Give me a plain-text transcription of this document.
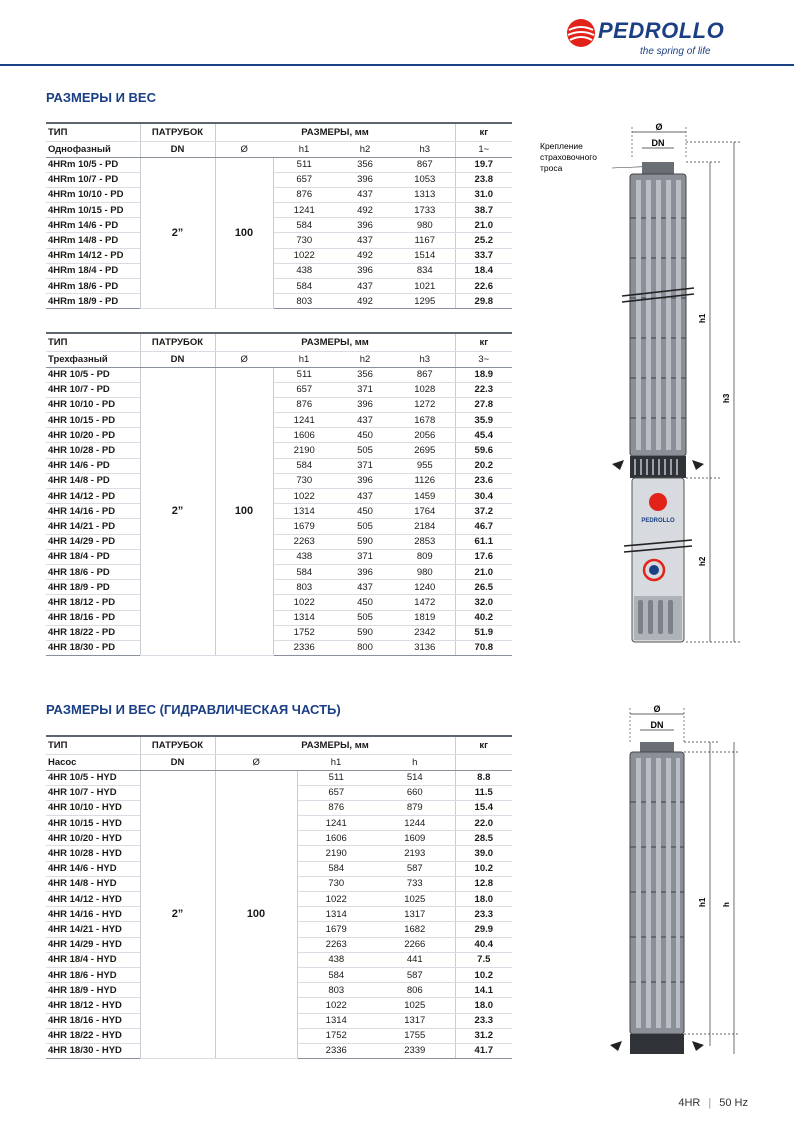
PEDROLLO
the spring of life
РАЗМЕРЫ И ВЕС
ТИП	ПАТРУБОК	РАЗМЕРЫ, мм				кг
Однофазный	DN	Ø	h1	h2	h3	1~
4HRm 10/5 - PD	2”	100	511	356	867	19.7
4HRm 10/7 - PD			657	396	1053	23.8
4HRm 10/10 - PD			876	437	1313	31.0
4HRm 10/15 - PD			1241	492	1733	38.7
4HRm 14/6 - PD			584	396	980	21.0
4HRm 14/8 - PD			730	437	1167	25.2
4HRm 14/12 - PD			1022	492	1514	33.7
4HRm 18/4 - PD			438	396	834	18.4
4HRm 18/6 - PD			584	437	1021	22.6
4HRm 18/9 - PD			803	492	1295	29.8
ТИП	ПАТРУБОК	РАЗМЕРЫ, мм				кг
Трехфазный	DN	Ø	h1	h2	h3	3~
4HR 10/5 - PD	2”	100	511	356	867	18.9
4HR 10/7 - PD			657	371	1028	22.3
4HR 10/10 - PD			876	396	1272	27.8
4HR 10/15 - PD			1241	437	1678	35.9
4HR 10/20 - PD			1606	450	2056	45.4
4HR 10/28 - PD			2190	505	2695	59.6
4HR 14/6 - PD			584	371	955	20.2
4HR 14/8 - PD			730	396	1126	23.6
4HR 14/12 - PD			1022	437	1459	30.4
4HR 14/16 - PD			1314	450	1764	37.2
4HR 14/21 - PD			1679	505	2184	46.7
4HR 14/29 - PD			2263	590	2853	61.1
4HR 18/4 - PD			438	371	809	17.6
4HR 18/6 - PD			584	396	980	21.0
4HR 18/9 - PD			803	437	1240	26.5
4HR 18/12 - PD			1022	450	1472	32.0
4HR 18/16 - PD			1314	505	1819	40.2
4HR 18/22 - PD			1752	590	2342	51.9
4HR 18/30 - PD			2336	800	3136	70.8
Ø
DN
Крепление
страховочного
троса
PEDROLLO
h1
h2
h3
РАЗМЕРЫ И ВЕС (ГИДРАВЛИЧЕСКАЯ ЧАСТЬ)
ТИП	ПАТРУБОК	РАЗМЕРЫ, мм			кг
Насос	DN	Ø	h1	h	
4HR 10/5 - HYD	2”	100	511	514	8.8
4HR 10/7 - HYD			657	660	11.5
4HR 10/10 - HYD			876	879	15.4
4HR 10/15 - HYD			1241	1244	22.0
4HR 10/20 - HYD			1606	1609	28.5
4HR 10/28 - HYD			2190	2193	39.0
4HR 14/6 - HYD			584	587	10.2
4HR 14/8 - HYD			730	733	12.8
4HR 14/12 - HYD			1022	1025	18.0
4HR 14/16 - HYD			1314	1317	23.3
4HR 14/21 - HYD			1679	1682	29.9
4HR 14/29 - HYD			2263	2266	40.4
4HR 18/4 - HYD			438	441	7.5
4HR 18/6 - HYD			584	587	10.2
4HR 18/9 - HYD			803	806	14.1
4HR 18/12 - HYD			1022	1025	18.0
4HR 18/16 - HYD			1314	1317	23.3
4HR 18/22 - HYD			1752	1755	31.2
4HR 18/30 - HYD			2336	2339	41.7
Ø
DN
h1 h
4HR | 50 Hz
